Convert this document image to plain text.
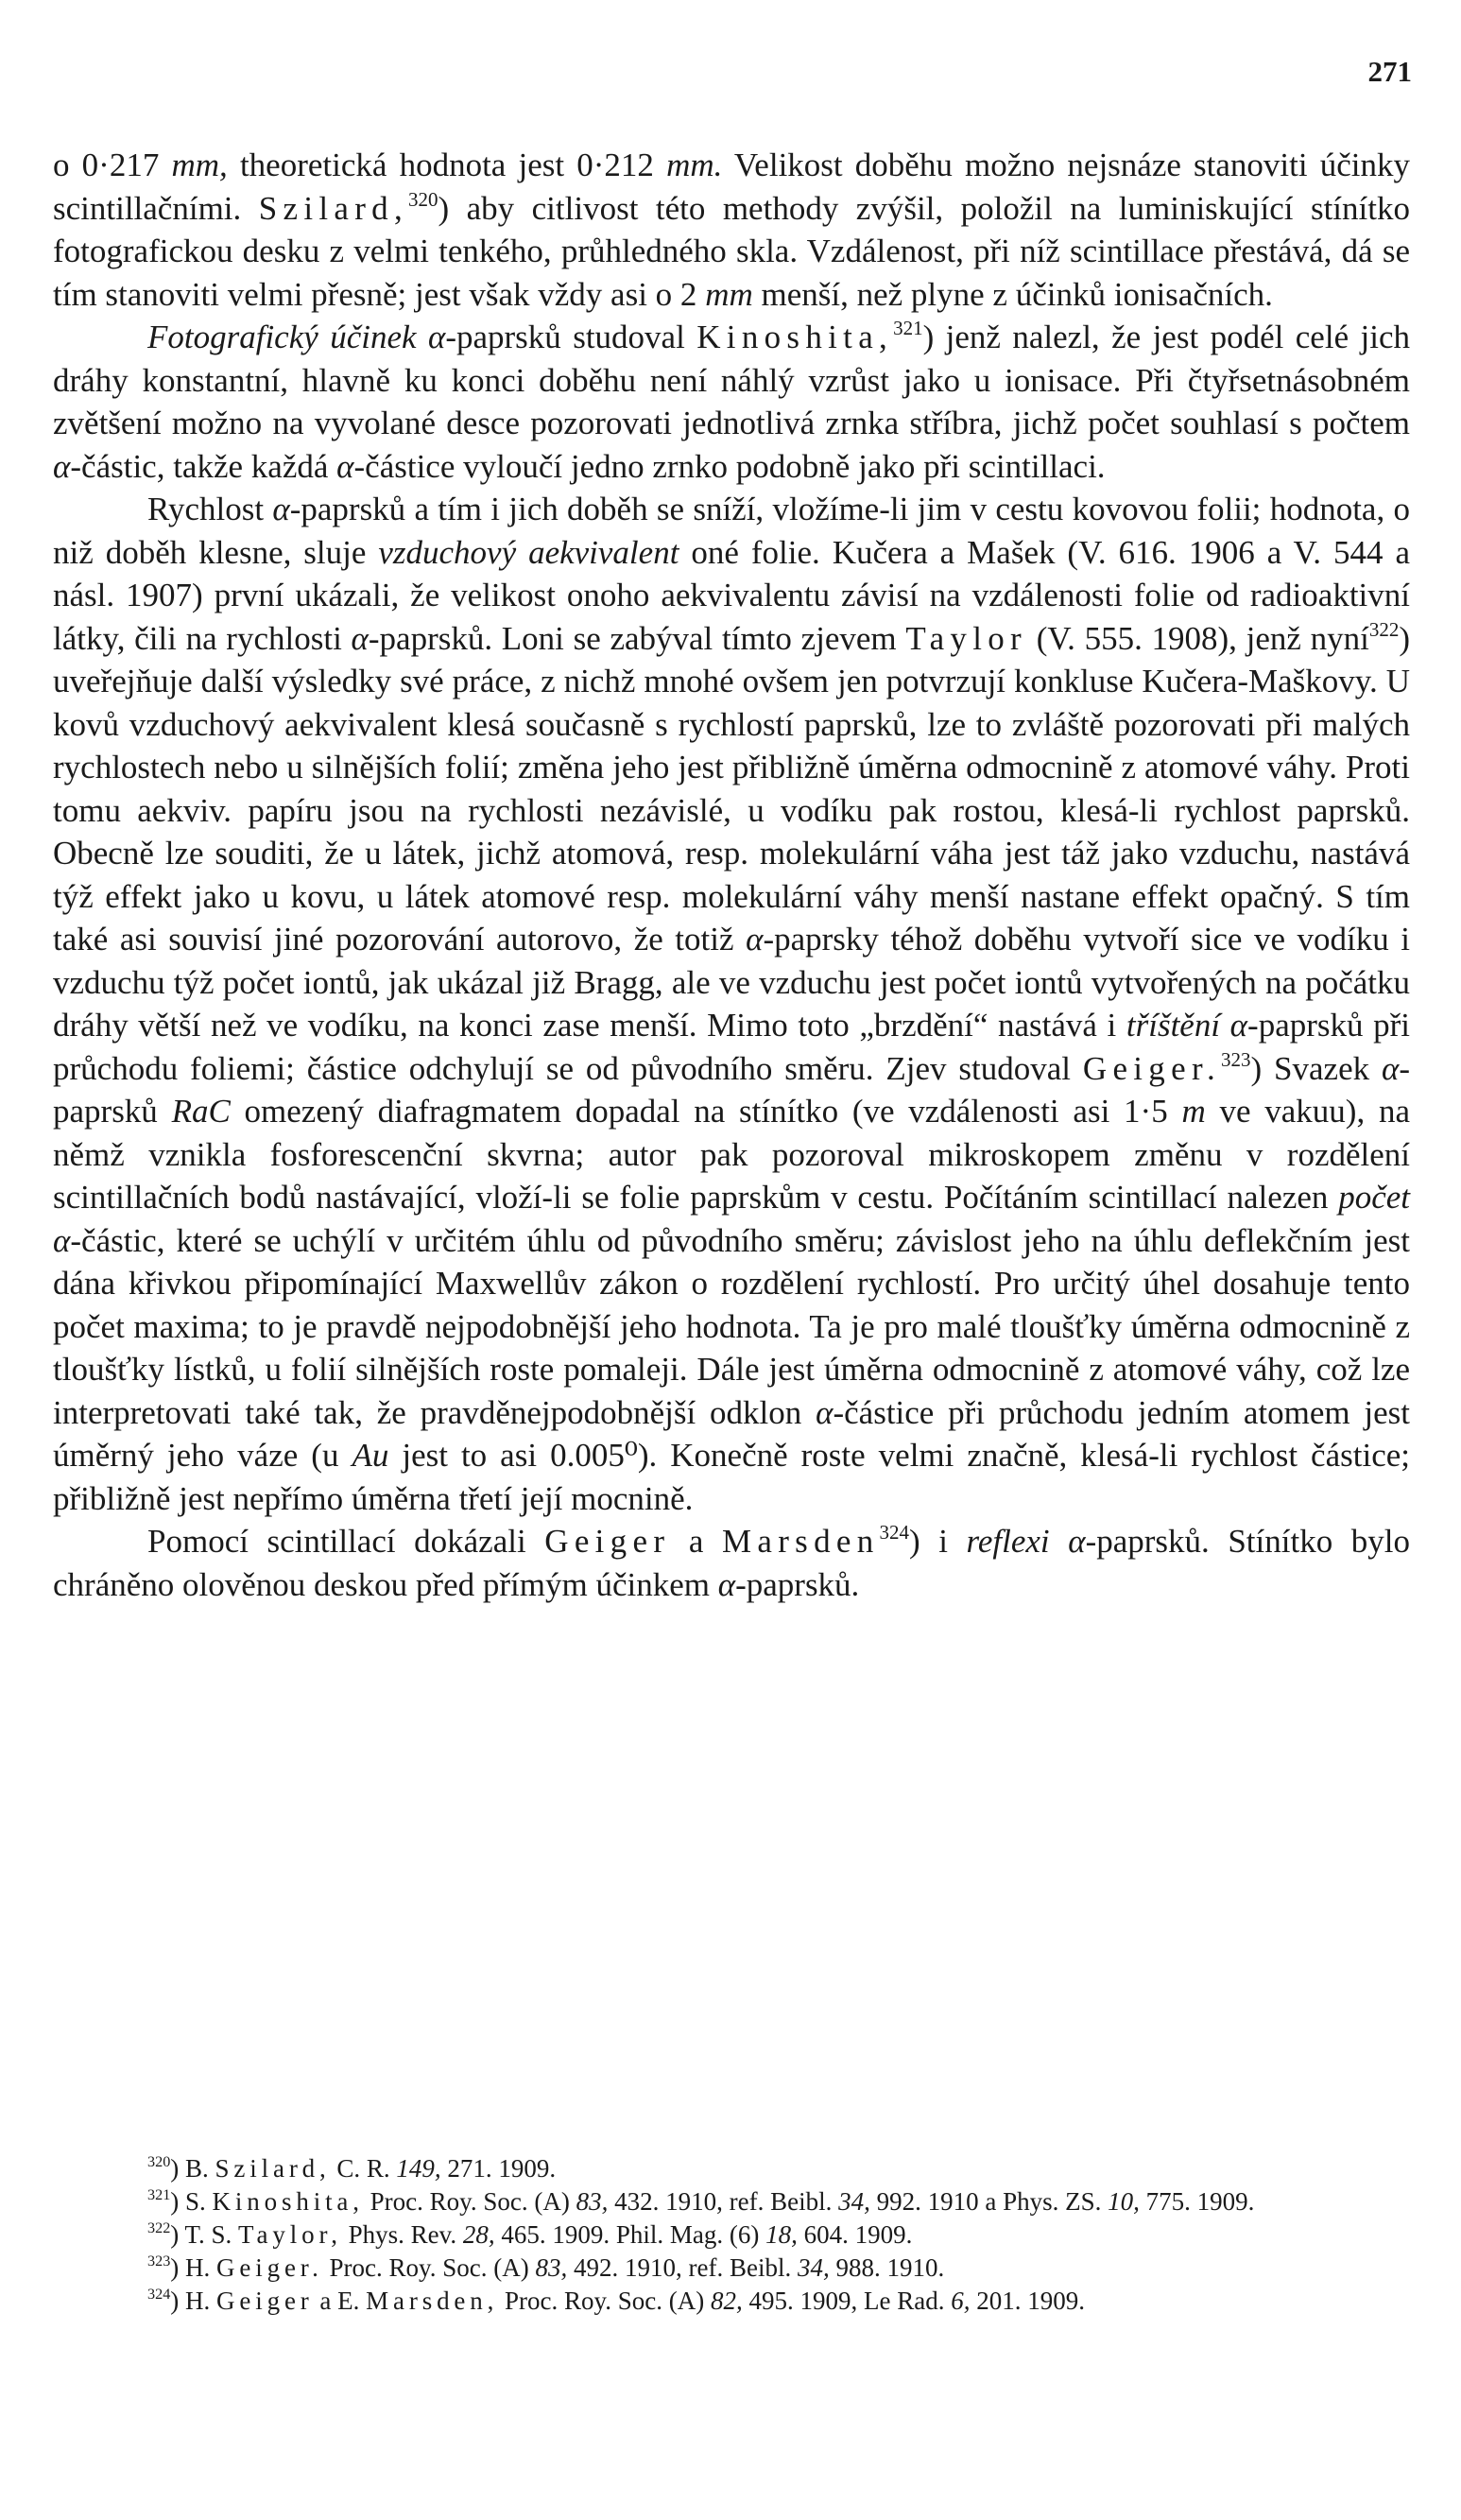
271

o 0·217 mm, theoretická hodnota jest 0·212 mm. Velikost doběhu možno nejsnáze stanoviti účinky scintillačními. Szilard,$^{320}$) aby citlivost této methody zvýšil, položil na luminiskující stínítko fotografickou desku z velmi tenkého, průhledného skla. Vzdálenost, při níž scintillace přestává, dá se tím stanoviti velmi přesně; jest však vždy asi o 2 mm menší, než plyne z účinků ionisačních.

Fotografický účinek α-paprsků studoval Kinoshita,$^{321}$) jenž nalezl, že jest podél celé jich dráhy konstantní, hlavně ku konci doběhu není náhlý vzrůst jako u ionisace. Při čtyřsetnásobném zvětšení možno na vyvolané desce pozorovati jednotlivá zrnka stříbra, jichž počet souhlasí s počtem α-částic, takže každá α-částice vyloučí jedno zrnko podobně jako při scintillaci.

Rychlost α-paprsků a tím i jich doběh se sníží, vložíme-li jim v cestu kovovou folii; hodnota, o niž doběh klesne, sluje vzduchový aekvivalent oné folie. Kučera a Mašek (V. 616. 1906 a V. 544 a násl. 1907) první ukázali, že velikost onoho aekvivalentu závisí na vzdálenosti folie od radioaktivní látky, čili na rychlosti α-paprsků. Loni se zabýval tímto zjevem Taylor (V. 555. 1908), jenž nyní$^{322}$) uveřejňuje další výsledky své práce, z nichž mnohé ovšem jen potvrzují konkluse Kučera-Maškovy. U kovů vzduchový aekvivalent klesá současně s rychlostí paprsků, lze to zvláště pozorovati při malých rychlostech nebo u silnějších folií; změna jeho jest přibližně úměrna odmocnině z atomové váhy. Proti tomu aekviv. papíru jsou na rychlosti nezávislé, u vodíku pak rostou, klesá-li rychlost paprsků. Obecně lze souditi, že u látek, jichž atomová, resp. molekulární váha jest táž jako vzduchu, nastává týž effekt jako u kovu, u látek atomové resp. molekulární váhy menší nastane effekt opačný. S tím také asi souvisí jiné pozorování autorovo, že totiž α-paprsky téhož doběhu vytvoří sice ve vodíku i vzduchu týž počet iontů, jak ukázal již Bragg, ale ve vzduchu jest počet iontů vytvořených na počátku dráhy větší než ve vodíku, na konci zase menší. Mimo toto „brzdění“ nastává i tříštění α-paprsků při průchodu foliemi; částice odchylují se od původního směru. Zjev studoval Geiger.$^{323}$) Svazek α-paprsků RaC omezený diafragmatem dopadal na stínítko (ve vzdálenosti asi 1·5 m ve vakuu), na němž vznikla fosforescenční skvrna; autor pak pozoroval mikroskopem změnu v rozdělení scintillačních bodů nastávající, vloží-li se folie paprskům v cestu. Počítáním scintillací nalezen počet α-částic, které se uchýlí v určitém úhlu od původního směru; závislost jeho na úhlu deflekčním jest dána křivkou připomínající Maxwellův zákon o rozdělení rychlostí. Pro určitý úhel dosahuje tento počet maxima; to je pravdě nejpodobnější jeho hodnota. Ta je pro malé tloušťky úměrna odmocnině z tloušťky lístků, u folií silnějších roste pomaleji. Dále jest úměrna odmocnině z atomové váhy, což lze interpretovati také tak, že pravděnejpodobnější odklon α-částice při průchodu jedním atomem jest úměrný jeho váze (u Au jest to asi 0.005⁰). Konečně roste velmi značně, klesá-li rychlost částice; přibližně jest nepřímo úměrna třetí její mocnině.

Pomocí scintillací dokázali Geiger a Marsden$^{324}$) i reflexi α-paprsků. Stínítko bylo chráněno olověnou deskou před přímým účinkem α-paprsků.

$^{320}$) B. Szilard, C. R. 149, 271. 1909.

$^{321}$) S. Kinoshita, Proc. Roy. Soc. (A) 83, 432. 1910, ref. Beibl. 34, 992. 1910 a Phys. ZS. 10, 775. 1909.

$^{322}$) T. S. Taylor, Phys. Rev. 28, 465. 1909. Phil. Mag. (6) 18, 604. 1909.

$^{323}$) H. Geiger. Proc. Roy. Soc. (A) 83, 492. 1910, ref. Beibl. 34, 988. 1910.

$^{324}$) H. Geiger a E. Marsden, Proc. Roy. Soc. (A) 82, 495. 1909, Le Rad. 6, 201. 1909.
